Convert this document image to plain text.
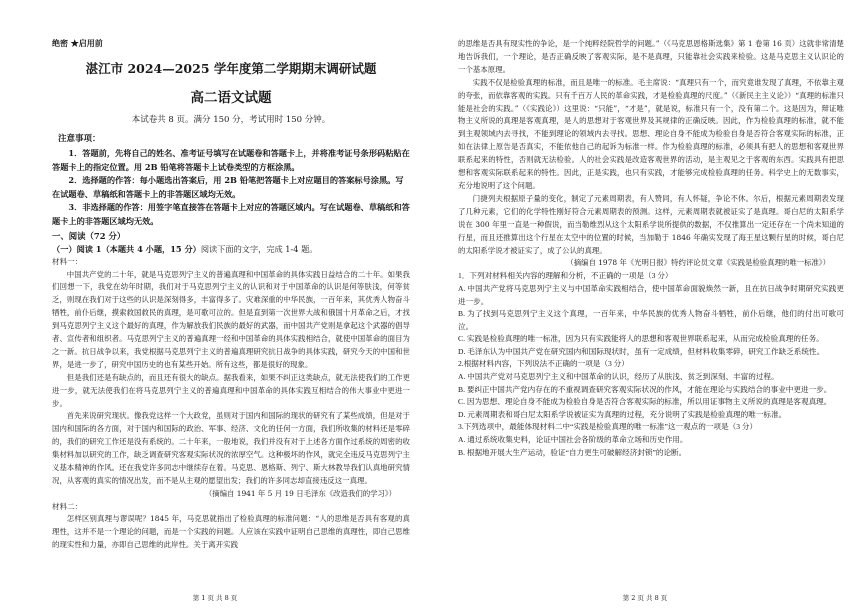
绝密 ★启用前
湛江市 2024—2025 学年度第二学期期末调研试题
高二语文试题
本试卷共 8 页。满分 150 分，考试用时 150 分钟。
注意事项：

1．答题前，先将自己的姓名、准考证号填写在试题卷和答题卡上，并将准考证号条形码粘贴在答题卡上的指定位置。用 2B 铅笔将答题卡上试卷类型的方框涂黑。

2．选择题的作答：每小题选出答案后，用 2B 铅笔把答题卡上对应题目的答案标号涂黑。写在试题卷、草稿纸和答题卡上的非答题区域均无效。

3．非选择题的作答：用签字笔直接答在答题卡上对应的答题区域内。写在试题卷、草稿纸和答题卡上的非答题区域均无效。

一、阅读（72 分）

（一）阅读 1（本题共 4 小题，15 分）阅读下面的文字，完成 1-4 题。

材料一：

中国共产党的二十年，就是马克思列宁主义的普遍真理和中国革命的具体实践日益结合的二十年。如果我们回想一下，我党在幼年时期，我们对于马克思列宁主义的认识和对于中国革命的认识是何等肤浅，何等贫乏，则现在我们对于这些的认识是深刻得多，丰富得多了。灾难深重的中华民族，一百年来，其优秀人物奋斗牺牲，前仆后继，摸索救国救民的真理，是可歌可泣的。但是直到第一次世界大战和俄国十月革命之后，才找到马克思列宁主义这个最好的真理，作为解放我们民族的最好的武器，而中国共产党则是拿起这个武器的倡导者、宣传者和组织者。马克思列宁主义的普遍真理一经和中国革命的具体实践相结合，就使中国革命的面目为之一新。抗日战争以来，我党根据马克思列宁主义的普遍真理研究抗日战争的具体实践，研究今天的中国和世界，是进一步了，研究中国历史的也有某些开始。所有这些，都是很好的现象。

但是我们还是有缺点的，而且还有很大的缺点。据我看来，如果不纠正这类缺点，就无法使我们的工作更进一步，就无法使我们在将马克思列宁主义的普遍真理和中国革命的具体实践互相结合的伟大事业中更进一步。

首先来说研究现状。像我党这样一个大政党，虽则对于国内和国际的现状的研究有了某些成绩，但是对于国内和国际的各方面，对于国内和国际的政治、军事、经济、文化的任何一方面，我们所收集的材料还是零碎的，我们的研究工作还是没有系统的。二十年来，一般地说，我们并没有对于上述各方面作过系统的周密的收集材料加以研究的工作，缺乏调查研究客观实际状况的浓厚空气。这种极坏的作风，就完全违反马克思列宁主义基本精神的作风。还在我党许多同志中继续存在着。马克思、恩格斯、列宁、斯大林教导我们认真地研究情况，从客观的真实的情况出发，而不是从主观的愿望出发；我们的许多同志却直接违反这一真理。

（摘编自 1941 年 5 月 19 日毛泽东《改造我们的学习》）

材料二：

怎样区别真理与谬误呢？1845 年，马克思就指出了检验真理的标准问题：“人的思维是否具有客观的真理性，这并不是一个理论的问题，而是一个实践的问题。人应该在实践中证明自己思维的真理性，即自己思维的现实性和力量，亦即自己思维的此岸性。关于离开实践

第 1 页 共 8 页

的思维是否具有现实性的争论，是一个纯粹经院哲学的问题。”（《马克思恩格斯选集》第 1 卷第 16 页）这就非常清楚地告诉我们，一个理论，是否正确反映了客观实际，是不是真理，只能靠社会实践来检验。这是马克思主义认识论的一个基本原理。

实践不仅是检验真理的标准，而且是唯一的标准。毛主席说：“真理只有一个，而究竟谁发现了真理，不依靠主观的夸张，而依靠客观的实践。只有千百万人民的革命实践，才是检验真理的尺度。”（《新民主主义论》）“真理的标准只能是社会的实践。”（《实践论》）这里说：“只能”，“才是”，就是说，标准只有一个，没有第二个。这是因为，辩证唯物主义所说的真理是客观真理，是人的思想对于客观世界及其规律的正确反映。因此，作为检验真理的标准，就不能到主观领域内去寻找，不能到理论的领域内去寻找。思想、理论自身不能成为检验自身是否符合客观实际的标准，正如在法律上原告是否真实，不能依他自己的起诉为标准一样。作为检验真理的标准，必须具有把人的思想和客观世界联系起来的特性，否则就无法检验。人的社会实践是改造客观世界的活动，是主观见之于客观的东西。实践具有把思想和客观实际联系起来的特性。因此，正是实践，也只有实践，才能够完成检验真理的任务。科学史上的无数事实，充分地说明了这个问题。

门捷列夫根据原子量的变化，制定了元素周期表，有人赞同，有人怀疑，争论不休。尔后，根据元素周期表发现了几种元素，它们的化学特性刚好符合元素周期表的预测。这样，元素周期表就被证实了是真理。哥白尼的太阳系学说在 300 年里一直是一种假说，而当勒维烈从这个太阳系学说所提供的数据，不仅推算出一定还存在一个尚未知道的行星，而且还推算出这个行星在太空中的位置的时候，当加勒于 1846 年确实发现了海王星这颗行星的时候，哥白尼的太阳系学说才被证实了，成了公认的真理。

（摘编自 1978 年《光明日报》特约评论员文章《实践是检验真理的唯一标准》）

1．下列对材料相关内容的理解和分析，不正确的一项是（3 分）

A. 中国共产党将马克思列宁主义与中国革命实践相结合，使中国革命面貌焕然一新，且在抗日战争时期研究实践更进一步。

B. 为了找到马克思列宁主义这个真理，一百年来，中华民族的优秀人物奋斗牺牲，前仆后继，他们的付出可歌可泣。

C. 实践是检验真理的唯一标准，因为只有实践能将人的思想和客观世界联系起来，从而完成检验真理的任务。

D. 毛泽东认为中国共产党在研究国内和国际现状时，虽有一定成绩，但材料收集零碎，研究工作缺乏系统性。

2.根据材料内容，下列说法不正确的一项是（3 分）

A. 中国共产党对马克思列宁主义和中国革命的认识，经历了从肤浅、贫乏到深刻、丰富的过程。

B. 要纠正中国共产党内存在的不重视调查研究客观实际状况的作风，才能在理论与实践结合的事业中更进一步。

C. 因为思想、理论自身不能成为检验自身是否符合客观实际的标准，所以用证事物主义所说的真理是客观真理。

D. 元素周期表和哥白尼太阳系学说被证实为真理的过程，充分说明了实践是检验真理的唯一标准。

3.下列选项中，最能体现材料二中“实践是检验真理的唯一标准”这一观点的一项是（3 分）

A. 通过系统收集史料，论证中国社会各阶级的革命立场和历史作用。

B. 根据地开展大生产运动，验证“自力更生可破解经济封锁”的论断。

第 2 页 共 8 页
